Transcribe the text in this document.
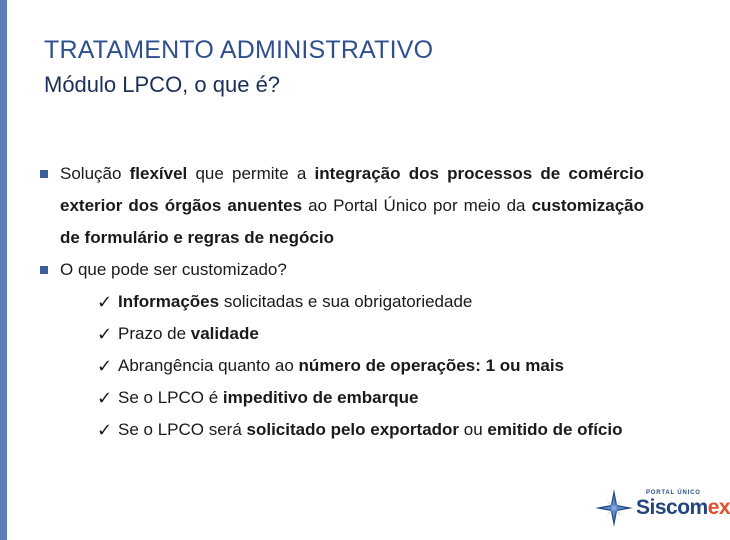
TRATAMENTO ADMINISTRATIVO
Módulo LPCO, o que é?
Solução flexível que permite a integração dos processos de comércio exterior dos órgãos anuentes ao Portal Único por meio da customização de formulário e regras de negócio
O que pode ser customizado?
✓ Informações solicitadas e sua obrigatoriedade
✓ Prazo de validade
✓ Abrangência quanto ao número de operações: 1 ou mais
✓ Se o LPCO é impeditivo de embarque
✓ Se o LPCO será solicitado pelo exportador ou emitido de ofício
PORTAL ÚNICO
Siscomex
